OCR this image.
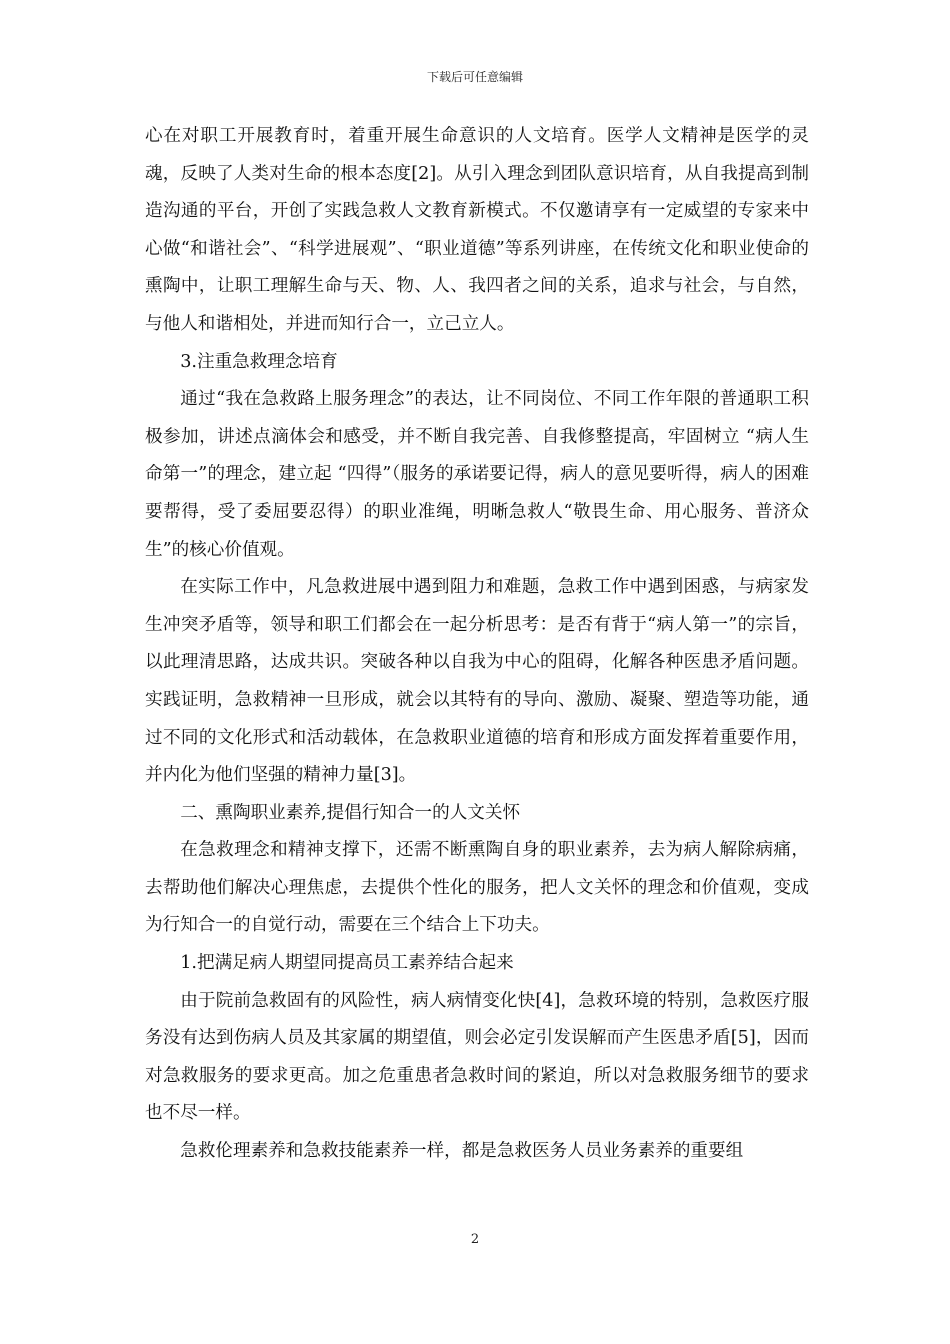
下载后可任意编辑

心在对职工开展教育时，着重开展生命意识的人文培育。医学人文精神是医学的灵魂，反映了人类对生命的根本态度[2]。从引入理念到团队意识培育，从自我提高到制造沟通的平台，开创了实践急救人文教育新模式。不仅邀请享有一定威望的专家来中心做“和谐社会”、“科学进展观”、“职业道德”等系列讲座，在传统文化和职业使命的熏陶中，让职工理解生命与天、物、人、我四者之间的关系，追求与社会，与自然，与他人和谐相处，并进而知行合一，立己立人。

3.注重急救理念培育

通过“我在急救路上服务理念”的表达，让不同岗位、不同工作年限的普通职工积极参加，讲述点滴体会和感受，并不断自我完善、自我修整提高，牢固树立 “病人生命第一”的理念，建立起 “四得”（服务的承诺要记得，病人的意见要听得，病人的困难要帮得，受了委屈要忍得）的职业准绳，明晰急救人“敬畏生命、用心服务、普济众生”的核心价值观。

在实际工作中，凡急救进展中遇到阻力和难题，急救工作中遇到困惑，与病家发生冲突矛盾等，领导和职工们都会在一起分析思考：是否有背于“病人第一”的宗旨，以此理清思路，达成共识。突破各种以自我为中心的阻碍，化解各种医患矛盾问题。 实践证明，急救精神一旦形成，就会以其特有的导向、激励、凝聚、塑造等功能，通过不同的文化形式和活动载体，在急救职业道德的培育和形成方面发挥着重要作用，并内化为他们坚强的精神力量[3]。

二、熏陶职业素养,提倡行知合一的人文关怀

在急救理念和精神支撑下，还需不断熏陶自身的职业素养，去为病人解除病痛，去帮助他们解决心理焦虑，去提供个性化的服务，把人文关怀的理念和价值观，变成为行知合一的自觉行动，需要在三个结合上下功夫。

1.把满足病人期望同提高员工素养结合起来

由于院前急救固有的风险性，病人病情变化快[4]，急救环境的特别，急救医疗服务没有达到伤病人员及其家属的期望值，则会必定引发误解而产生医患矛盾[5]，因而对急救服务的要求更高。加之危重患者急救时间的紧迫，所以对急救服务细节的要求也不尽一样。

急救伦理素养和急救技能素养一样，都是急救医务人员业务素养的重要组

2
